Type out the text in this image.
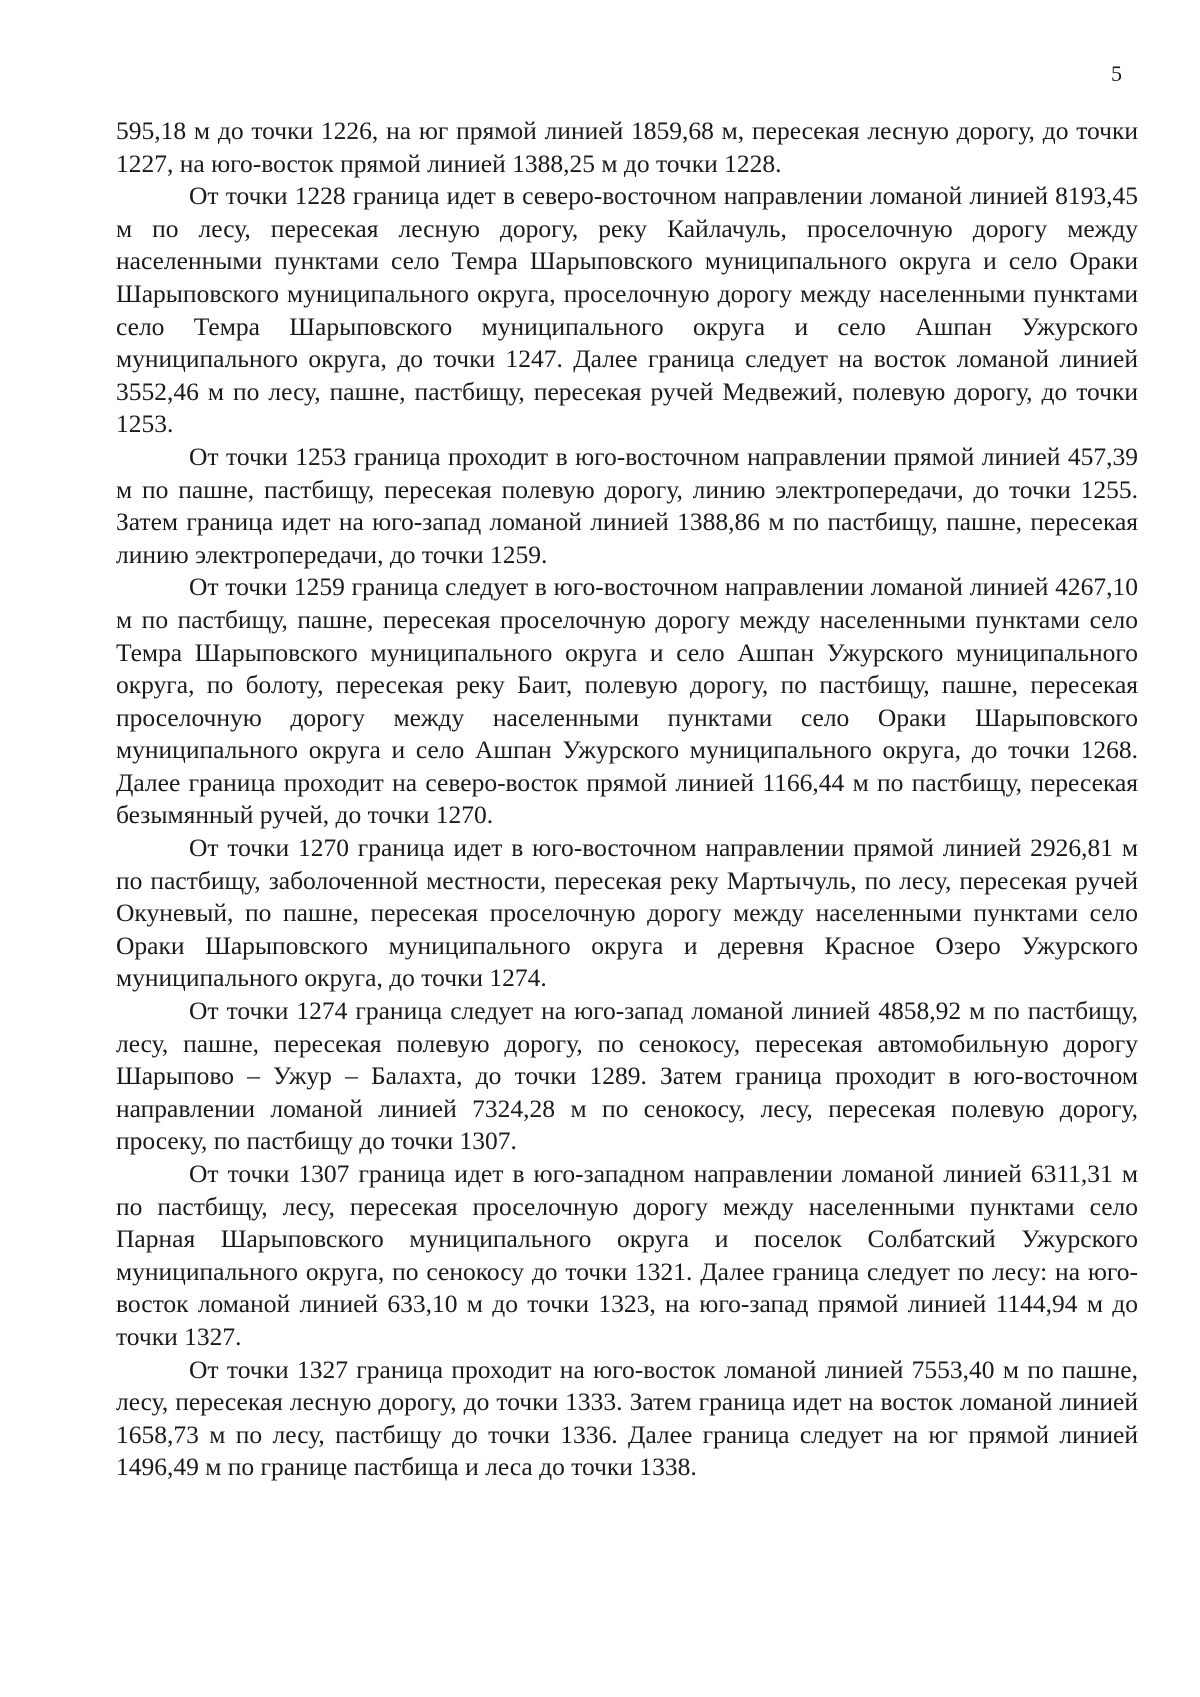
5

595,18 м до точки 1226, на юг прямой линией 1859,68 м, пересекая лесную дорогу, до точки 1227, на юго-восток прямой линией 1388,25 м до точки 1228.

От точки 1228 граница идет в северо-восточном направлении ломаной линией 8193,45 м по лесу, пересекая лесную дорогу, реку Кайлачуль, проселочную дорогу между населенными пунктами село Темра Шарыповского муниципального округа и село Ораки Шарыповского муниципального округа, проселочную дорогу между населенными пунктами село Темра Шарыповского муниципального округа и село Ашпан Ужурского муниципального округа, до точки 1247. Далее граница следует на восток ломаной линией 3552,46 м по лесу, пашне, пастбищу, пересекая ручей Медвежий, полевую дорогу, до точки 1253.

От точки 1253 граница проходит в юго-восточном направлении прямой линией 457,39 м по пашне, пастбищу, пересекая полевую дорогу, линию электропередачи, до точки 1255. Затем граница идет на юго-запад ломаной линией 1388,86 м по пастбищу, пашне, пересекая линию электропередачи, до точки 1259.

От точки 1259 граница следует в юго-восточном направлении ломаной линией 4267,10 м по пастбищу, пашне, пересекая проселочную дорогу между населенными пунктами село Темра Шарыповского муниципального округа и село Ашпан Ужурского муниципального округа, по болоту, пересекая реку Баит, полевую дорогу, по пастбищу, пашне, пересекая проселочную дорогу между населенными пунктами село Ораки Шарыповского муниципального округа и село Ашпан Ужурского муниципального округа, до точки 1268. Далее граница проходит на северо-восток прямой линией 1166,44 м по пастбищу, пересекая безымянный ручей, до точки 1270.

От точки 1270 граница идет в юго-восточном направлении прямой линией 2926,81 м по пастбищу, заболоченной местности, пересекая реку Мартычуль, по лесу, пересекая ручей Окуневый, по пашне, пересекая проселочную дорогу между населенными пунктами село Ораки Шарыповского муниципального округа и деревня Красное Озеро Ужурского муниципального округа, до точки 1274.

От точки 1274 граница следует на юго-запад ломаной линией 4858,92 м по пастбищу, лесу, пашне, пересекая полевую дорогу, по сенокосу, пересекая автомобильную дорогу Шарыпово – Ужур – Балахта, до точки 1289. Затем граница проходит в юго-восточном направлении ломаной линией 7324,28 м по сенокосу, лесу, пересекая полевую дорогу, просеку, по пастбищу до точки 1307.

От точки 1307 граница идет в юго-западном направлении ломаной линией 6311,31 м по пастбищу, лесу, пересекая проселочную дорогу между населенными пунктами село Парная Шарыповского муниципального округа и поселок Солбатский Ужурского муниципального округа, по сенокосу до точки 1321. Далее граница следует по лесу: на юго-восток ломаной линией 633,10 м до точки 1323, на юго-запад прямой линией 1144,94 м до точки 1327.

От точки 1327 граница проходит на юго-восток ломаной линией 7553,40 м по пашне, лесу, пересекая лесную дорогу, до точки 1333. Затем граница идет на восток ломаной линией 1658,73 м по лесу, пастбищу до точки 1336. Далее граница следует на юг прямой линией 1496,49 м по границе пастбища и леса до точки 1338.
